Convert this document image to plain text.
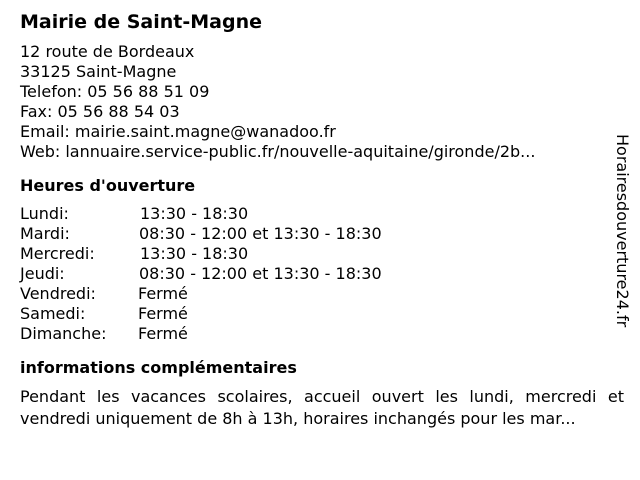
Mairie de Saint-Magne
12 route de Bordeaux
33125 Saint-Magne
Telefon: 05 56 88 51 09
Fax: 05 56 88 54 03
Email: mairie.saint.magne@wanadoo.fr
Web: lannuaire.service-public.fr/nouvelle-aquitaine/gironde/2b...
Heures d'ouverture
Lundi:	13:30 - 18:30
Mardi:	08:30 - 12:00 et 13:30 - 18:30
Mercredi:	13:30 - 18:30
Jeudi:	08:30 - 12:00 et 13:30 - 18:30
Vendredi:	Fermé
Samedi:	Fermé
Dimanche: Fermé
informations complémentaires
Pendant les vacances scolaires, accueil ouvert les lundi, mercredi et vendredi uniquement de 8h à 13h, horaires inchangés pour les mar...
Horairesdouverture24.fr
